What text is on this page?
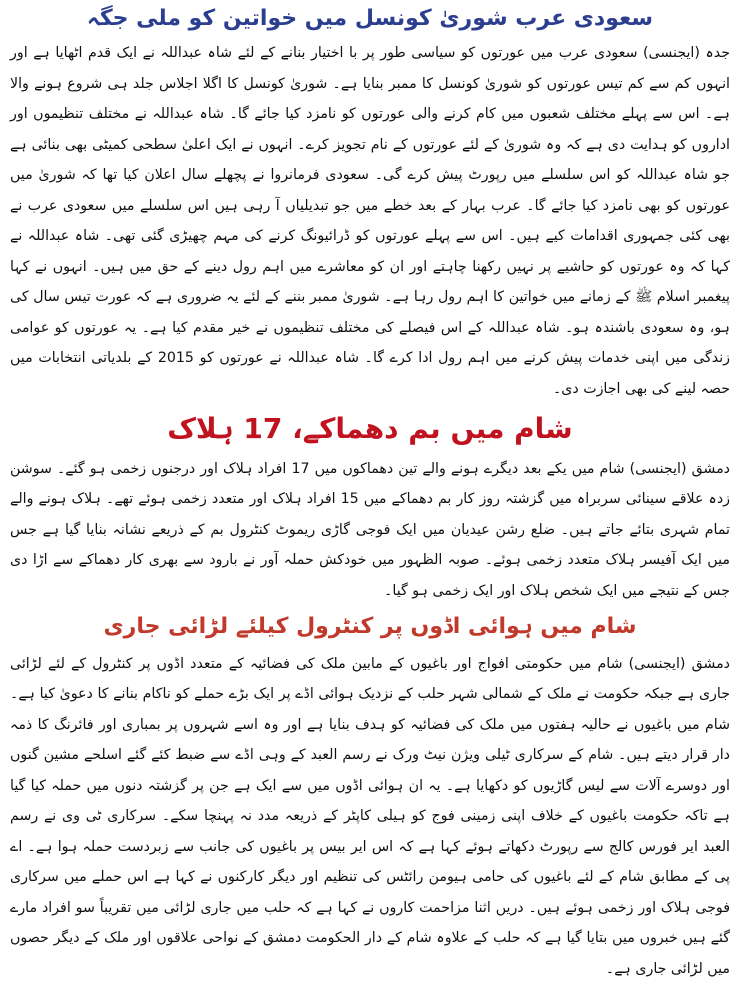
سعودی عرب شوریٰ کونسل میں خواتین کو ملی جگہ

جدہ (ایجنسی) سعودی عرب میں عورتوں کو سیاسی طور پر با اختیار بنانے کے لئے شاہ عبداللہ نے ایک قدم اٹھایا ہے اور انہوں کم سے کم تیس عورتوں کو شوریٰ کونسل کا ممبر بنایا ہے۔ شوریٰ کونسل کا اگلا اجلاس جلد ہی شروع ہونے والا ہے۔ اس سے پہلے مختلف شعبوں میں کام کرنے والی عورتوں کو نامزد کیا جائے گا۔ شاہ عبداللہ نے مختلف تنظیموں اور اداروں کو ہدایت دی ہے کہ وہ شوریٰ کے لئے عورتوں کے نام تجویز کرے۔ انہوں نے ایک اعلیٰ سطحی کمیٹی بھی بنائی ہے جو شاہ عبداللہ کو اس سلسلے میں رپورٹ پیش کرے گی۔ سعودی فرمانروا نے پچھلے سال اعلان کیا تھا کہ شوریٰ میں عورتوں کو بھی نامزد کیا جائے گا۔ عرب بہار کے بعد خطے میں جو تبدیلیاں آ رہی ہیں اس سلسلے میں سعودی عرب نے بھی کئی جمہوری اقدامات کیے ہیں۔ اس سے پہلے عورتوں کو ڈرائیونگ کرنے کی مہم چھیڑی گئی تھی۔ شاہ عبداللہ نے کہا کہ وہ عورتوں کو حاشیے پر نہیں رکھنا چاہتے اور ان کو معاشرے میں اہم رول دینے کے حق میں ہیں۔ انہوں نے کہا پیغمبر اسلام ﷺ کے زمانے میں خواتین کا اہم رول رہا ہے۔ شوریٰ ممبر بننے کے لئے یہ ضروری ہے کہ عورت تیس سال کی ہو، وہ سعودی باشندہ ہو۔ شاہ عبداللہ کے اس فیصلے کی مختلف تنظیموں نے خیر مقدم کیا ہے۔ یہ عورتوں کو عوامی زندگی میں اپنی خدمات پیش کرنے میں اہم رول ادا کرے گا۔ شاہ عبداللہ نے عورتوں کو 2015 کے بلدیاتی انتخابات میں حصہ لینے کی بھی اجازت دی۔

شام میں بم دھماکے، 17 ہلاک

دمشق (ایجنسی) شام میں یکے بعد دیگرے ہونے والے تین دھماکوں میں 17 افراد ہلاک اور درجنوں زخمی ہو گئے۔ سوشن زدہ علاقے سینائی سربراہ میں گزشتہ روز کار بم دھماکے میں 15 افراد ہلاک اور متعدد زخمی ہوئے تھے۔ ہلاک ہونے والے تمام شہری بتائے جاتے ہیں۔ ضلع رشن عیدیان میں ایک فوجی گاڑی ریموٹ کنٹرول بم کے ذریعے نشانہ بنایا گیا ہے جس میں ایک آفیسر ہلاک متعدد زخمی ہوئے۔ صوبہ الظہور میں خودکش حملہ آور نے بارود سے بھری کار دھماکے سے اڑا دی جس کے نتیجے میں ایک شخص ہلاک اور ایک زخمی ہو گیا۔

شام میں ہوائی اڈوں پر کنٹرول کیلئے لڑائی جاری

دمشق (ایجنسی) شام میں حکومتی افواج اور باغیوں کے مابین ملک کی فضائیہ کے متعدد اڈوں پر کنٹرول کے لئے لڑائی جاری ہے جبکہ حکومت نے ملک کے شمالی شہر حلب کے نزدیک ہوائی اڈے پر ایک بڑے حملے کو ناکام بنانے کا دعویٰ کیا ہے۔ شام میں باغیوں نے حالیہ ہفتوں میں ملک کی فضائیہ کو ہدف بنایا ہے اور وہ اسے شہروں پر بمباری اور فائرنگ کا ذمہ دار قرار دیتے ہیں۔ شام کے سرکاری ٹیلی ویژن نیٹ ورک نے رسم العبد کے وہی اڈے سے ضبط کئے گئے اسلحے مشین گنوں اور دوسرے آلات سے لیس گاڑیوں کو دکھایا ہے۔ یہ ان ہوائی اڈوں میں سے ایک ہے جن پر گزشتہ دنوں میں حملہ کیا گیا ہے تاکہ حکومت باغیوں کے خلاف اپنی زمینی فوج کو ہیلی کاپٹر کے ذریعہ مدد نہ پہنچا سکے۔ سرکاری ٹی وی نے رسم العبد ایر فورس کالج سے رپورٹ دکھاتے ہوئے کہا ہے کہ اس ایر بیس پر باغیوں کی جانب سے زبردست حملہ ہوا ہے۔ اے پی کے مطابق شام کے لئے باغیوں کی حامی ہیومن رائٹس کی تنظیم اور دیگر کارکنوں نے کہا ہے اس حملے میں سرکاری فوجی ہلاک اور زخمی ہوئے ہیں۔ دریں اثنا مزاحمت کاروں نے کہا ہے کہ حلب میں جاری لڑائی میں تقریباً سو افراد مارے گئے ہیں خبروں میں بتایا گیا ہے کہ حلب کے علاوہ شام کے دار الحکومت دمشق کے نواحی علاقوں اور ملک کے دیگر حصوں میں لڑائی جاری ہے۔
